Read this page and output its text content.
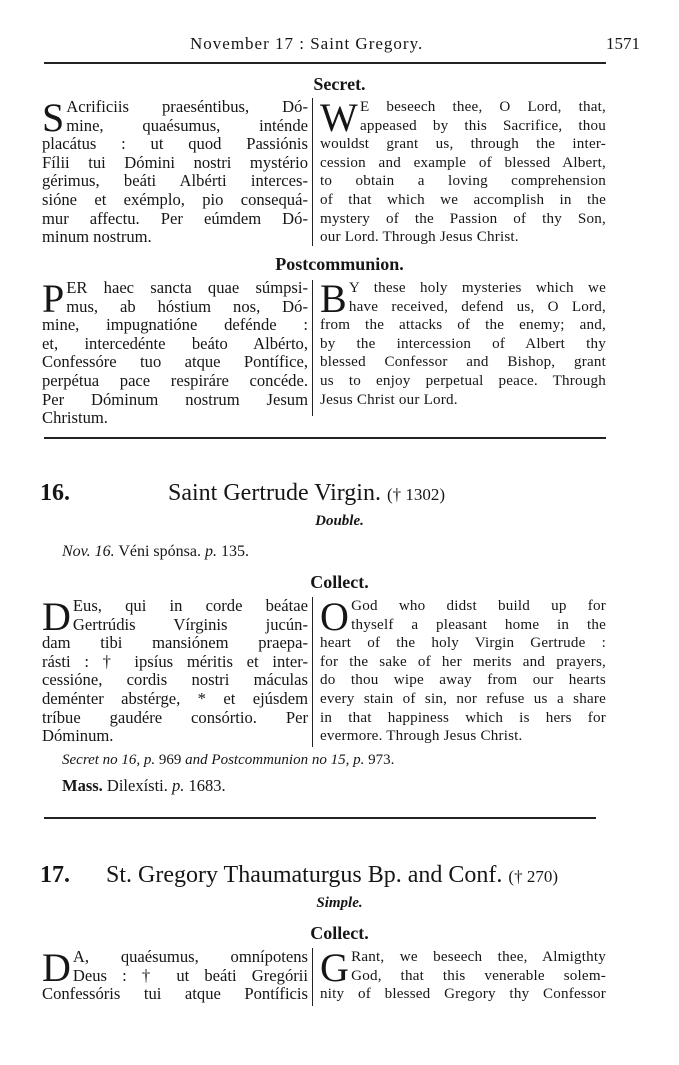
November 17 : Saint Gregory.	1571
Secret.
S Acrificiis praeséntibus, Dó-
mine, quaésumus, inténde
placátus : ut quod Passiónis
Fílii tui Dómini nostri mystério
gérimus, beáti Albérti interces-
sióne et exémplo, pio consequá-
mur affectu. Per eúmdem Dó-
minum nostrum.
W E beseech thee, O Lord, that,
appeased by this Sacrifice, thou
wouldst grant us, through the inter-
cession and example of blessed Albert,
to obtain a loving comprehension
of that which we accomplish in the
mystery of the Passion of thy Son,
our Lord. Through Jesus Christ.
Postcommunion.
P ER haec sancta quae súmpsi-
mus, ab hóstium nos, Dó-
mine, impugnatióne defénde :
et, intercedénte beáto Albérto,
Confessóre tuo atque Pontífice,
perpétua pace respiráre concéde.
Per Dóminum nostrum Jesum
Christum.
B Y these holy mysteries which we
have received, defend us, O Lord,
from the attacks of the enemy; and,
by the intercession of Albert thy
blessed Confessor and Bishop, grant
us to enjoy perpetual peace. Through
Jesus Christ our Lord.
16.	Saint Gertrude Virgin. († 1302)
Double.
Nov. 16. Véni spónsa. p. 135.
Collect.
D Eus, qui in corde beátae
Gertrúdis Vírginis jucún-
dam tibi mansiónem praepa-
rásti : † ipsíus méritis et inter-
cessióne, cordis nostri máculas
deménter abstérge, * et ejúsdem
tríbue gaudére consórtio. Per
Dóminum.
O God who didst build up for
thyself a pleasant home in the
heart of the holy Virgin Gertrude :
for the sake of her merits and prayers,
do thou wipe away from our hearts
every stain of sin, nor refuse us a share
in that happiness which is hers for
evermore. Through Jesus Christ.
Secret no 16, p. 969 and Postcommunion no 15, p. 973.
Mass. Dilexísti. p. 1683.
17. St. Gregory Thaumaturgus Bp. and Conf. († 270)
Simple.
Collect.
D A, quaésumus, omnípotens
Deus : † ut beáti Gregórii
Confessóris tui atque Pontíficis
G Rant, we beseech thee, Almigthty
God, that this venerable solem-
nity of blessed Gregory thy Confessor
